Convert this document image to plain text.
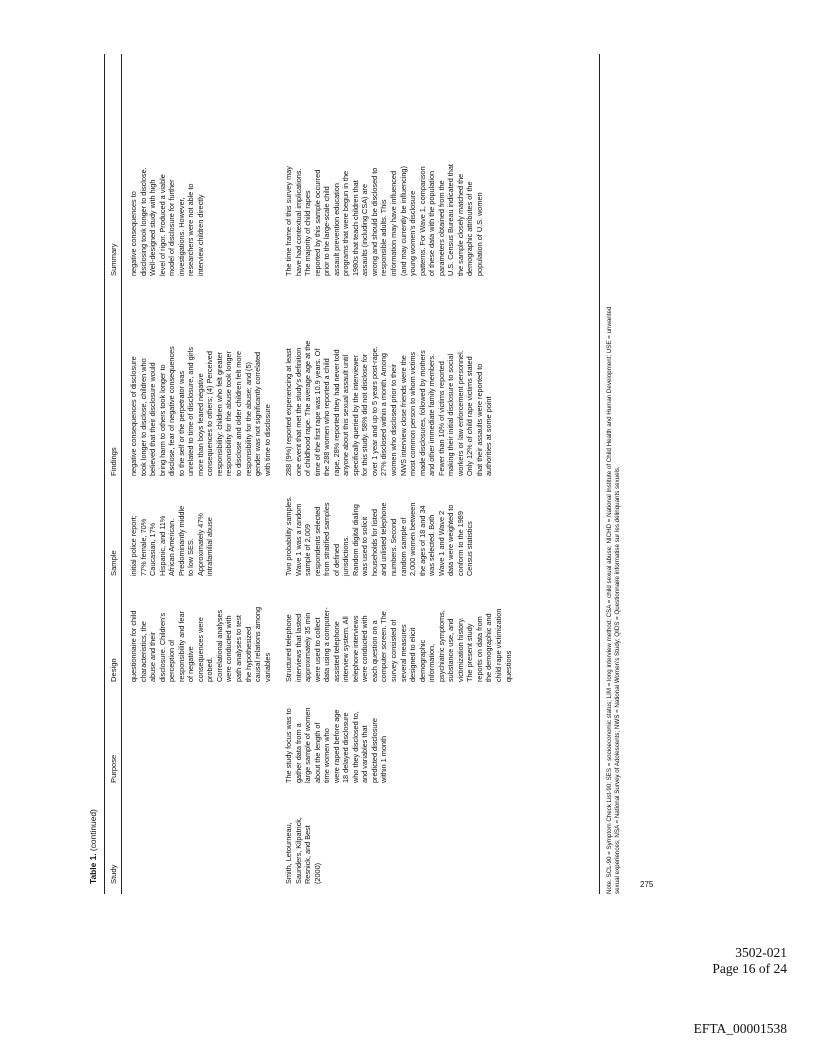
Table 1. (continued)
Study
Purpose
Design
Sample
Findings
Summary
questionnaire for child characteristics, the abuse and their disclosure. Children's perception of responsibility and fear of negative consequences were probed. Correlational analyses were conducted with path analyses to test the hypothesized causal relations among variables
initial police report; 77% female, 70% Caucasian, 17% Hispanic, and 11% African American. Predominantly middle to low SES. Approximately 47% intrafamilial abuse
negative consequences of disclosure took longer to disclose, children who believed that their disclosure would bring harm to others took longer to disclose, fear of negative consequences to the self or the perpetrator was unrelated to time of disclosure, and girls more than boys feared negative consequences to others; (4) Perceived responsibility: children who felt greater responsibility for the abuse took longer to disclose and older children felt more responsibility for the abuse; and (5) gender was not significantly correlated with time to disclosure
negative consequences to disclosing took longer to disclose. Well-designed study with high level of rigor. Produced a viable model of disclosure for further investigations. However, researchers were not able to interview children directly
Smith, Letourneau, Saunders, Kilpatrick, Resnick, and Best (2000)
The study focus was to gather data from a large sample of women about the length of time women who were raped before age 18 delayed disclosure who they disclosed to, and variables that predicted disclosure within 1 month
Structured telephone interviews that lasted approximately 35 min were used to collect data using a computer- assisted telephone interview system. All telephone interviews were conducted with each question on a computer screen. The survey consisted of several measures designed to elicit demographic information, psychiatric symptoms, substance use, and victimization history. The present study reports on data from the demographic and child rape victimization questions
Two probability samples. Wave 1 was a random sample of 2,009 respondents selected from stratified samples of defined jurisdictions. Random digital dialing was used to solicit households for listed and unlisted telephone numbers. Second random sample of 2,000 women between the ages of 18 and 34 was selected. Both Wave 1 and Wave 2 data were weighted to conform to the 1989 Census statistics
288 (9%) reported experiencing at least one event that met the study's definition of childhood rape. The average age at the time of the first rape was 10.9 years. Of the 288 women who reported a child rape, 28% reported they had never told anyone about this sexual assault until specifically queried by the interviewer for this study. 58% did not disclose for over 1 year and up to 5 years post-rape. 27% disclosed within a month. Among women who disclosed prior to their NWS interview close friends were the most common person to whom victims made disclosures, followed by mothers and other immediate family members. Fewer than 10% of victims reported making their initial disclosure to social workers or law enforcement personnel. Only 12% of child rape victims stated that their assaults were reported to authorities at some point
The time frame of this survey may have had contextual implications. The majority of child rapes reported by this sample occurred prior to the large-scale child assault prevention education programs that were begun in the 1980s that teach children that assaults (including CSA) are wrong and should be disclosed to responsible adults. This information may have influenced (and may currently be influencing) young women's disclosure patterns. For Wave 1, comparison of these data with the population parameters obtained from the U.S. Census Bureau indicated that the sample closely matched the demographic attributes of the population of U.S. women
Note. SCL-90 = Symptom Check List-90; SES = socioeconomic status; LIM = long interview method; CSA = child sexual abuse; NICHD = National Institute of Child Health and Human Development; USE = unwanted sexual experiences; NSA = National Survey of Adolescents; NWS = National Women's Study; QIDS = Questionnaire informatisé sur les délinquants sexuels. 275
3502-021
Page 16 of 24
EFTA_00001538
